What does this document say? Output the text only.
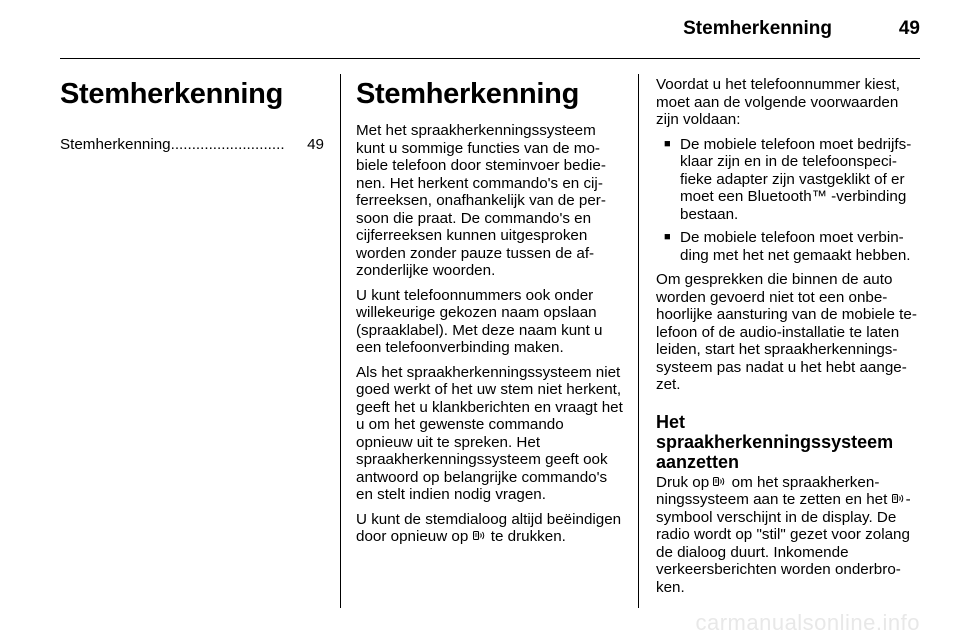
Stemherkenning	49
Stemherkenning
Stemherkenning ...........................	49
Stemherkenning

Met het spraakherkenningssysteem kunt u sommige functies van de mobiele telefoon door steminvoer bedienen. Het herkent commando's en cijferreeksen, onafhankelijk van de persoon die praat. De commando's en cijferreeksen kunnen uitgesproken worden zonder pauze tussen de afzonderlijke woorden.

U kunt telefoonnummers ook onder willekeurige gekozen naam opslaan (spraaklabel). Met deze naam kunt u een telefoonverbinding maken.

Als het spraakherkenningssysteem niet goed werkt of het uw stem niet herkent, geeft het u klankberichten en vraagt het u om het gewenste commando opnieuw uit te spreken. Het spraakherkenningssysteem geeft ook antwoord op belangrijke commando's en stelt indien nodig vragen.

U kunt de stemdialoog altijd beëindigen door opnieuw op  te drukken.

Voordat u het telefoonnummer kiest, moet aan de volgende voorwaarden zijn voldaan:

■ De mobiele telefoon moet bedrijfsklaar zijn en in de telefoonspecifieke adapter zijn vastgeklikt of er moet een Bluetooth™ -verbinding bestaan.
■ De mobiele telefoon moet verbinding met het net gemaakt hebben.

Om gesprekken die binnen de auto worden gevoerd niet tot een onbehoorlijke aansturing van de mobiele telefoon of de audio-installatie te laten leiden, start het spraakherkenningssysteem pas nadat u het hebt aangezet.

Het spraakherkenningssysteem aanzetten

Druk op  om het spraakherkenningssysteem aan te zetten en het -symbool verschijnt in de display. De radio wordt op "stil" gezet voor zolang de dialoog duurt. Inkomende verkeersberichten worden onderbroken.

carmanualsonline.info
